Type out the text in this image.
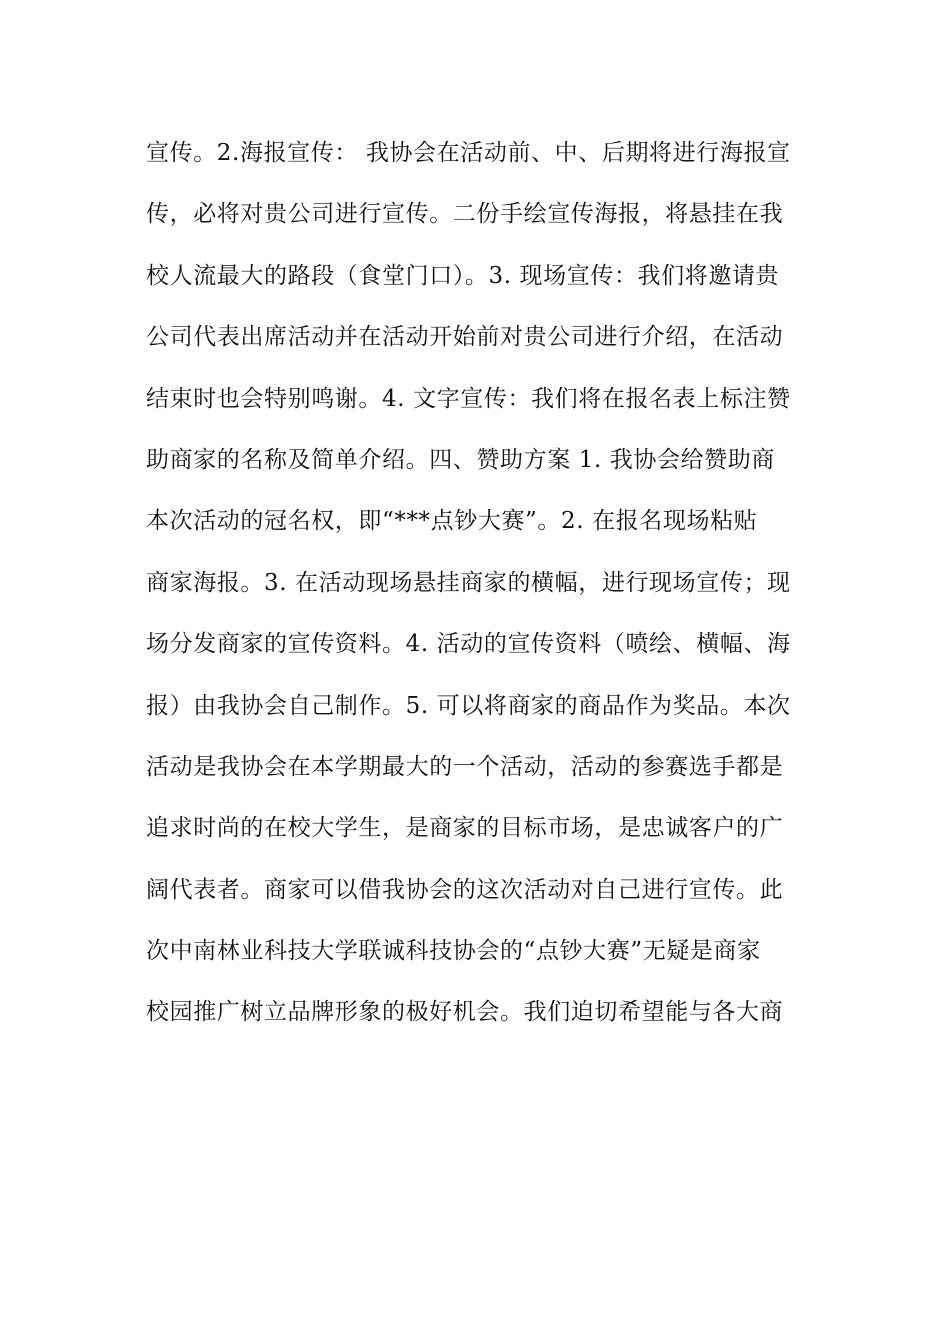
宣传。2.海报宣传： 我协会在活动前、中、后期将进行海报宣
传，必将对贵公司进行宣传。二份手绘宣传海报，将悬挂在我
校人流最大的路段（食堂门口）。3. 现场宣传：我们将邀请贵
公司代表出席活动并在活动开始前对贵公司进行介绍，在活动
结束时也会特别鸣谢。4. 文字宣传：我们将在报名表上标注赞
助商家的名称及简单介绍。四、赞助方案 1. 我协会给赞助商
本次活动的冠名权，即“***点钞大赛”。2. 在报名现场粘贴
商家海报。3. 在活动现场悬挂商家的横幅，进行现场宣传；现
场分发商家的宣传资料。4. 活动的宣传资料（喷绘、横幅、海
报）由我协会自己制作。5. 可以将商家的商品作为奖品。本次
活动是我协会在本学期最大的一个活动，活动的参赛选手都是
追求时尚的在校大学生，是商家的目标市场，是忠诚客户的广
阔代表者。商家可以借我协会的这次活动对自己进行宣传。此
次中南林业科技大学联诚科技协会的“点钞大赛”无疑是商家
校园推广树立品牌形象的极好机会。我们迫切希望能与各大商
